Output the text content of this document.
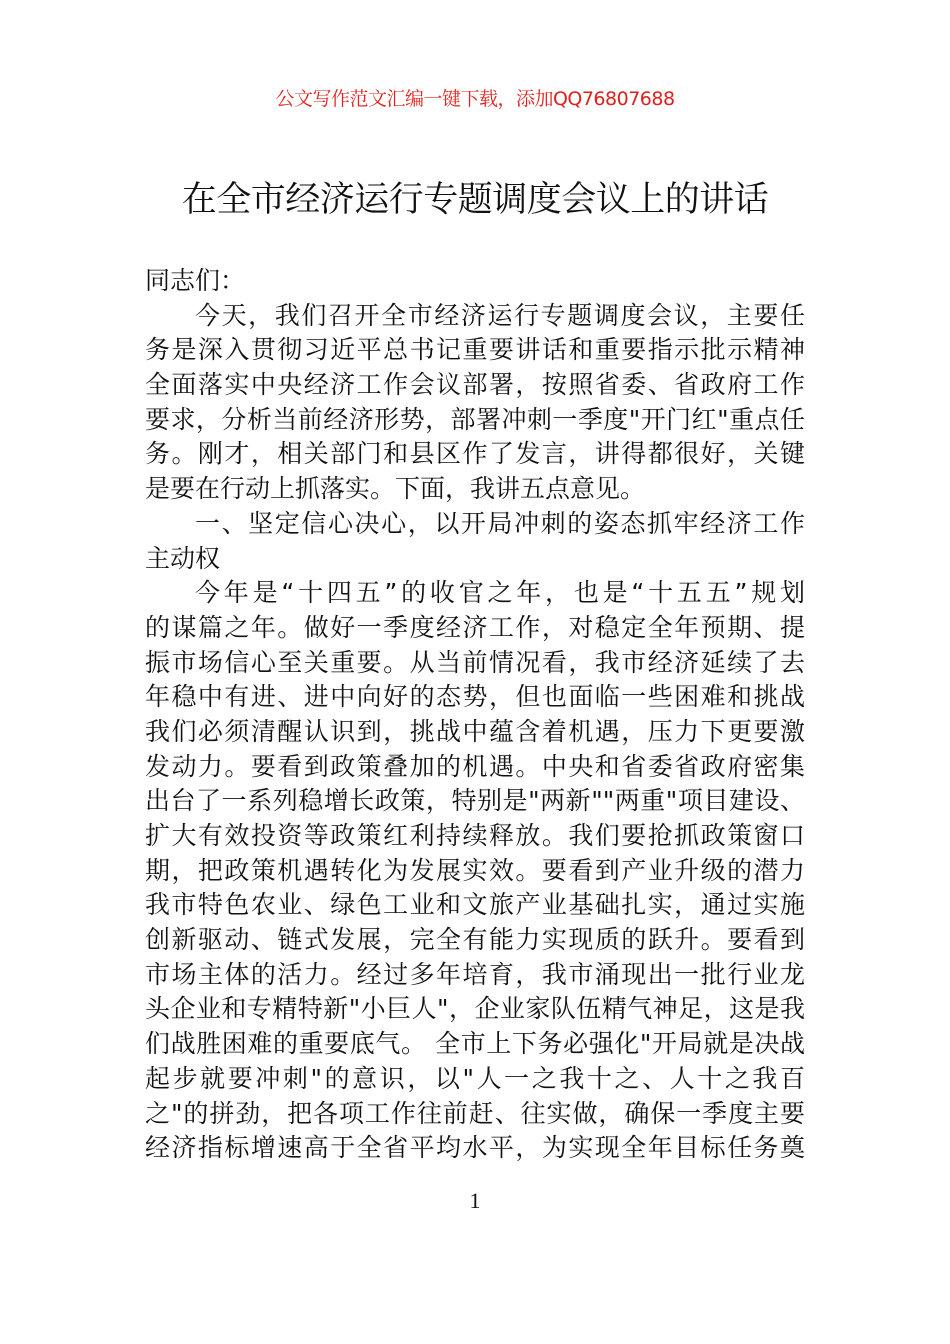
公文写作范文汇编一键下载，添加QQ76807688
在全市经济运行专题调度会议上的讲话
同志们：
今天，我们召开全市经济运行专题调度会议，主要任
务是深入贯彻习近平总书记重要讲话和重要指示批示精神
全面落实中央经济工作会议部署，按照省委、省政府工作
要求，分析当前经济形势，部署冲刺一季度"开门红"重点任
务。刚才，相关部门和县区作了发言，讲得都很好，关键
是要在行动上抓落实。下面，我讲五点意见。
一、坚定信心决心，以开局冲刺的姿态抓牢经济工作
主动权
今年是“十四五”的收官之年，也是“十五五”规划
的谋篇之年。做好一季度经济工作，对稳定全年预期、提
振市场信心至关重要。从当前情况看，我市经济延续了去
年稳中有进、进中向好的态势，但也面临一些困难和挑战
我们必须清醒认识到，挑战中蕴含着机遇，压力下更要激
发动力。要看到政策叠加的机遇。中央和省委省政府密集
出台了一系列稳增长政策，特别是"两新""两重"项目建设、
扩大有效投资等政策红利持续释放。我们要抢抓政策窗口
期，把政策机遇转化为发展实效。要看到产业升级的潜力
我市特色农业、绿色工业和文旅产业基础扎实，通过实施
创新驱动、链式发展，完全有能力实现质的跃升。要看到
市场主体的活力。经过多年培育，我市涌现出一批行业龙
头企业和专精特新"小巨人"，企业家队伍精气神足，这是我
们战胜困难的重要底气。 全市上下务必强化"开局就是决战
起步就要冲刺"的意识，以"人一之我十之、人十之我百
之"的拼劲，把各项工作往前赶、往实做，确保一季度主要
经济指标增速高于全省平均水平，为实现全年目标任务奠
1
